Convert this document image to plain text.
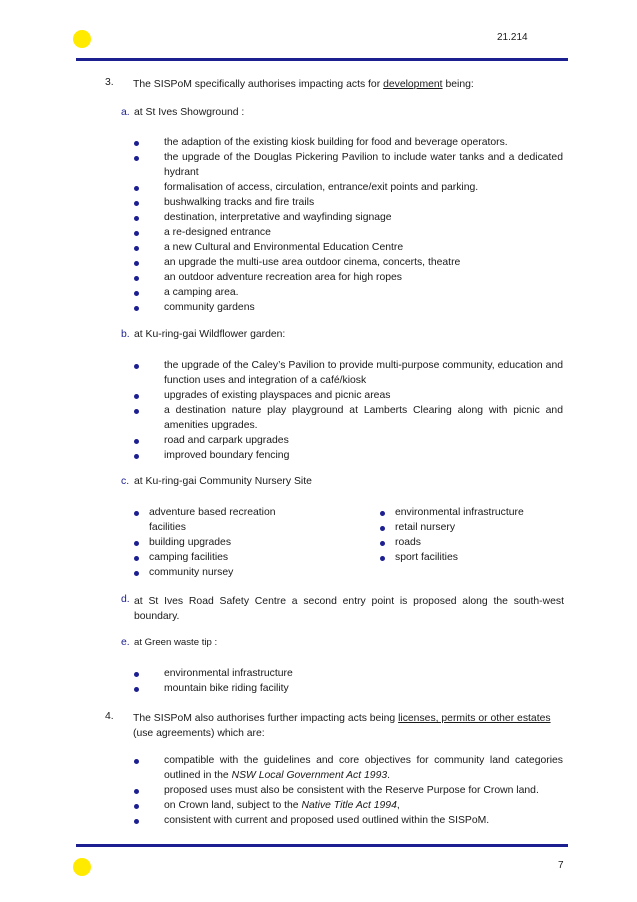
21.214
3. The SISPoM specifically authorises impacting acts for development being:
a. at St Ives Showground :
the adaption of the existing kiosk building for food and beverage operators.
the upgrade of the Douglas Pickering Pavilion to include water tanks and a dedicated hydrant
formalisation of access, circulation, entrance/exit points and parking.
bushwalking tracks and fire trails
destination, interpretative and wayfinding signage
a re-designed entrance
a new Cultural and Environmental Education Centre
an upgrade the multi-use area outdoor cinema, concerts, theatre
an outdoor adventure recreation area for high ropes
a camping area.
community gardens
b. at Ku-ring-gai Wildflower garden:
the upgrade of the Caley’s Pavilion to provide multi-purpose community, education and function uses and integration of a café/kiosk
upgrades of existing playspaces and picnic areas
a destination nature play playground at Lamberts Clearing along with picnic and amenities upgrades.
road and carpark upgrades
improved boundary fencing
c. at Ku-ring-gai Community Nursery Site
adventure based recreation facilities
building upgrades
camping facilities
community nursey
environmental infrastructure
retail nursery
roads
sport facilities
d. at St Ives Road Safety Centre a second entry point is proposed along the south-west boundary.
e. at Green waste tip :
environmental infrastructure
mountain bike riding facility
4. The SISPoM also authorises further impacting acts being licenses, permits or other estates (use agreements) which are:
compatible with the guidelines and core objectives for community land categories outlined in the NSW Local Government Act 1993.
proposed uses must also be consistent with the Reserve Purpose for Crown land.
on Crown land, subject to the Native Title Act 1994,
consistent with current and proposed used outlined within the SISPoM.
7
